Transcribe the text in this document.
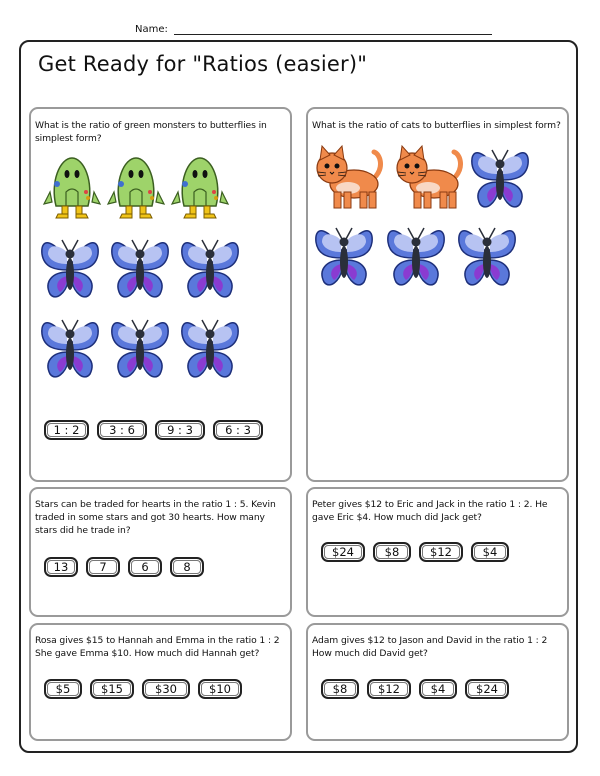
Name:
Get Ready for "Ratios (easier)"
What is the ratio of green monsters to butterflies in simplest form?
1 : 2	3 : 6	9 : 3	6 : 3
What is the ratio of cats to butterflies in simplest form?
Stars can be traded for hearts in the ratio 1 : 5. Kevin traded in some stars and got 30 hearts. How many stars did he trade in?
13	7	6	8
Peter gives $12 to Eric and Jack in the ratio 1 : 2. He gave Eric $4. How much did Jack get?
$24	$8	$12	$4
Rosa gives $15 to Hannah and Emma in the ratio 1 : 2 She gave Emma $10. How much did Hannah get?
$5	$15	$30	$10
Adam gives $12 to Jason and David in the ratio 1 : 2 How much did David get?
$8	$12	$4	$24
